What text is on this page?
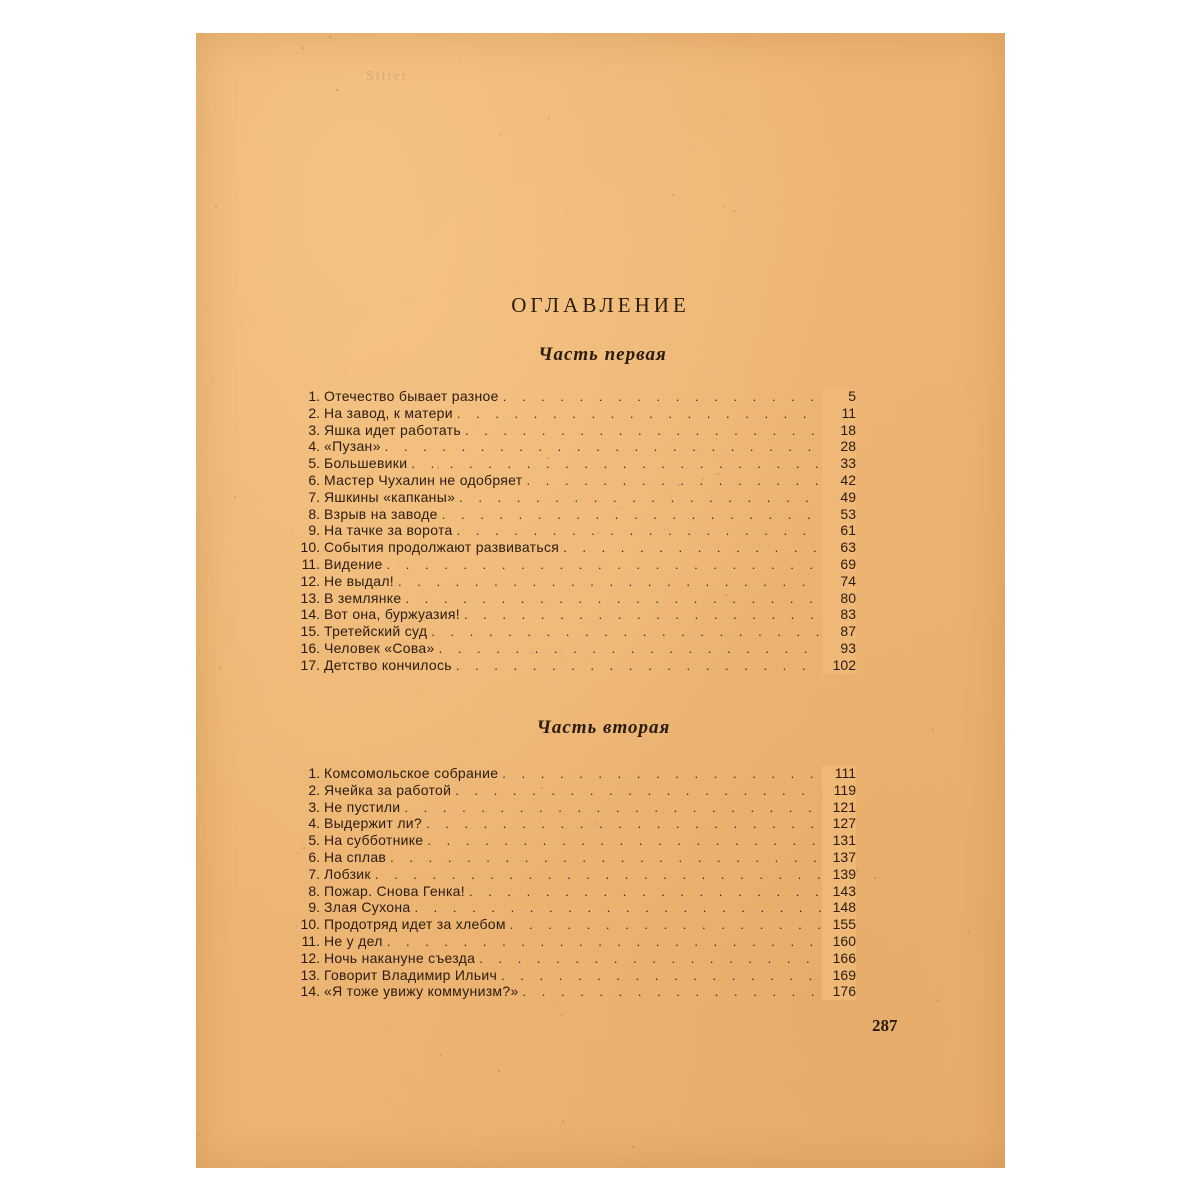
Sitter
ОГЛАВЛЕНИЕ
Часть первая
1. Отечество бывает разное . . .	5
2. На завод, к матери . . .	11
3. Яшка идет работать . . .	18
4. «Пузан» . . .	28
5. Большевики . . .	33
6. Мастер Чухалин не одобряет . . .	42
7. Яшкины «капканы» . . .	49
8. Взрыв на заводе . . .	53
9. На тачке за ворота . . .	61
10. События продолжают развиваться . . .	63
11. Видение . . .	69
12. Не выдал! . . .	74
13. В землянке . . .	80
14. Вот она, буржуазия! . . .	83
15. Третейский суд . . .	87
16. Человек «Сова» . . .	93
17. Детство кончилось . . .	102
Часть вторая
1. Комсомольское собрание . . .	111
2. Ячейка за работой . . .	119
3. Не пустили . . .	121
4. Выдержит ли? . . .	127
5. На субботнике . . .	131
6. На сплав . . .	137
7. Лобзик . . .	139
8. Пожар. Снова Генка! . . .	143
9. Злая Сухона . . .	148
10. Продотряд идет за хлебом . . .	155
11. Не у дел . . .	160
12. Ночь накануне съезда . . .	166
13. Говорит Владимир Ильич . . .	169
14. «Я тоже увижу коммунизм?» . . .	176
287
